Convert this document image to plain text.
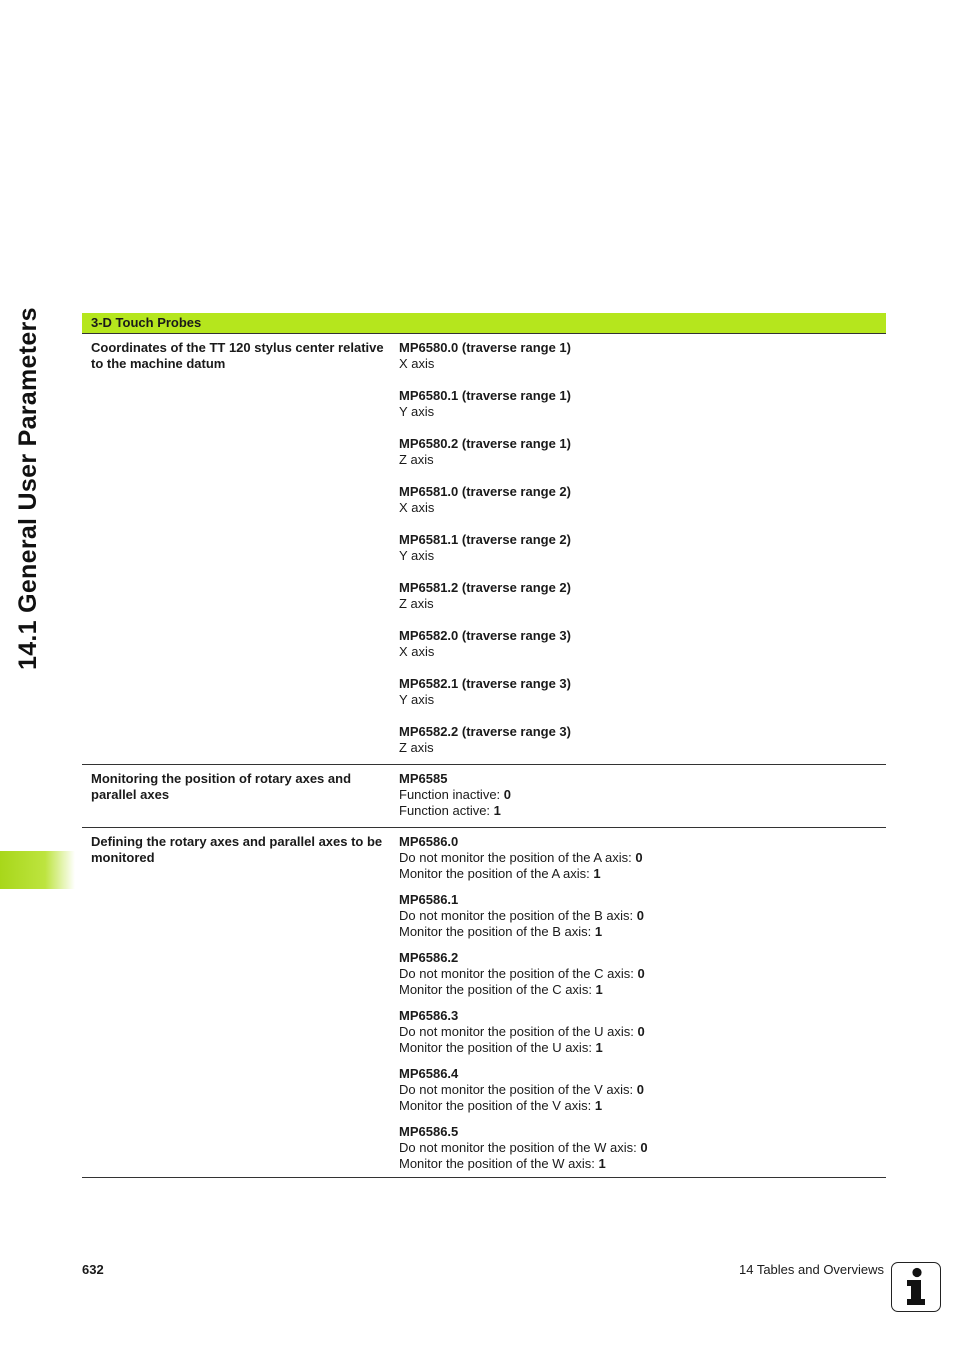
14.1 General User Parameters	3-D Touch Probes
Coordinates of the TT 120 stylus center relative to the machine datum
MP6580.0 (traverse range 1)
X axis
MP6580.1 (traverse range 1)
Y axis
MP6580.2 (traverse range 1)
Z axis
MP6581.0 (traverse range 2)
X axis
MP6581.1 (traverse range 2)
Y axis
MP6581.2 (traverse range 2)
Z axis
MP6582.0 (traverse range 3)
X axis
MP6582.1 (traverse range 3)
Y axis
MP6582.2 (traverse range 3)
Z axis
Monitoring the position of rotary axes and parallel axes
MP6585
Function inactive: 0
Function active: 1
Defining the rotary axes and parallel axes to be monitored
MP6586.0
Do not monitor the position of the A axis: 0
Monitor the position of the A axis: 1
MP6586.1
Do not monitor the position of the B axis: 0
Monitor the position of the B axis: 1
MP6586.2
Do not monitor the position of the C axis: 0
Monitor the position of the C axis: 1
MP6586.3
Do not monitor the position of the U axis: 0
Monitor the position of the U axis: 1
MP6586.4
Do not monitor the position of the V axis: 0
Monitor the position of the V axis: 1
MP6586.5
Do not monitor the position of the W axis: 0
Monitor the position of the W axis: 1
632	14 Tables and Overviews
